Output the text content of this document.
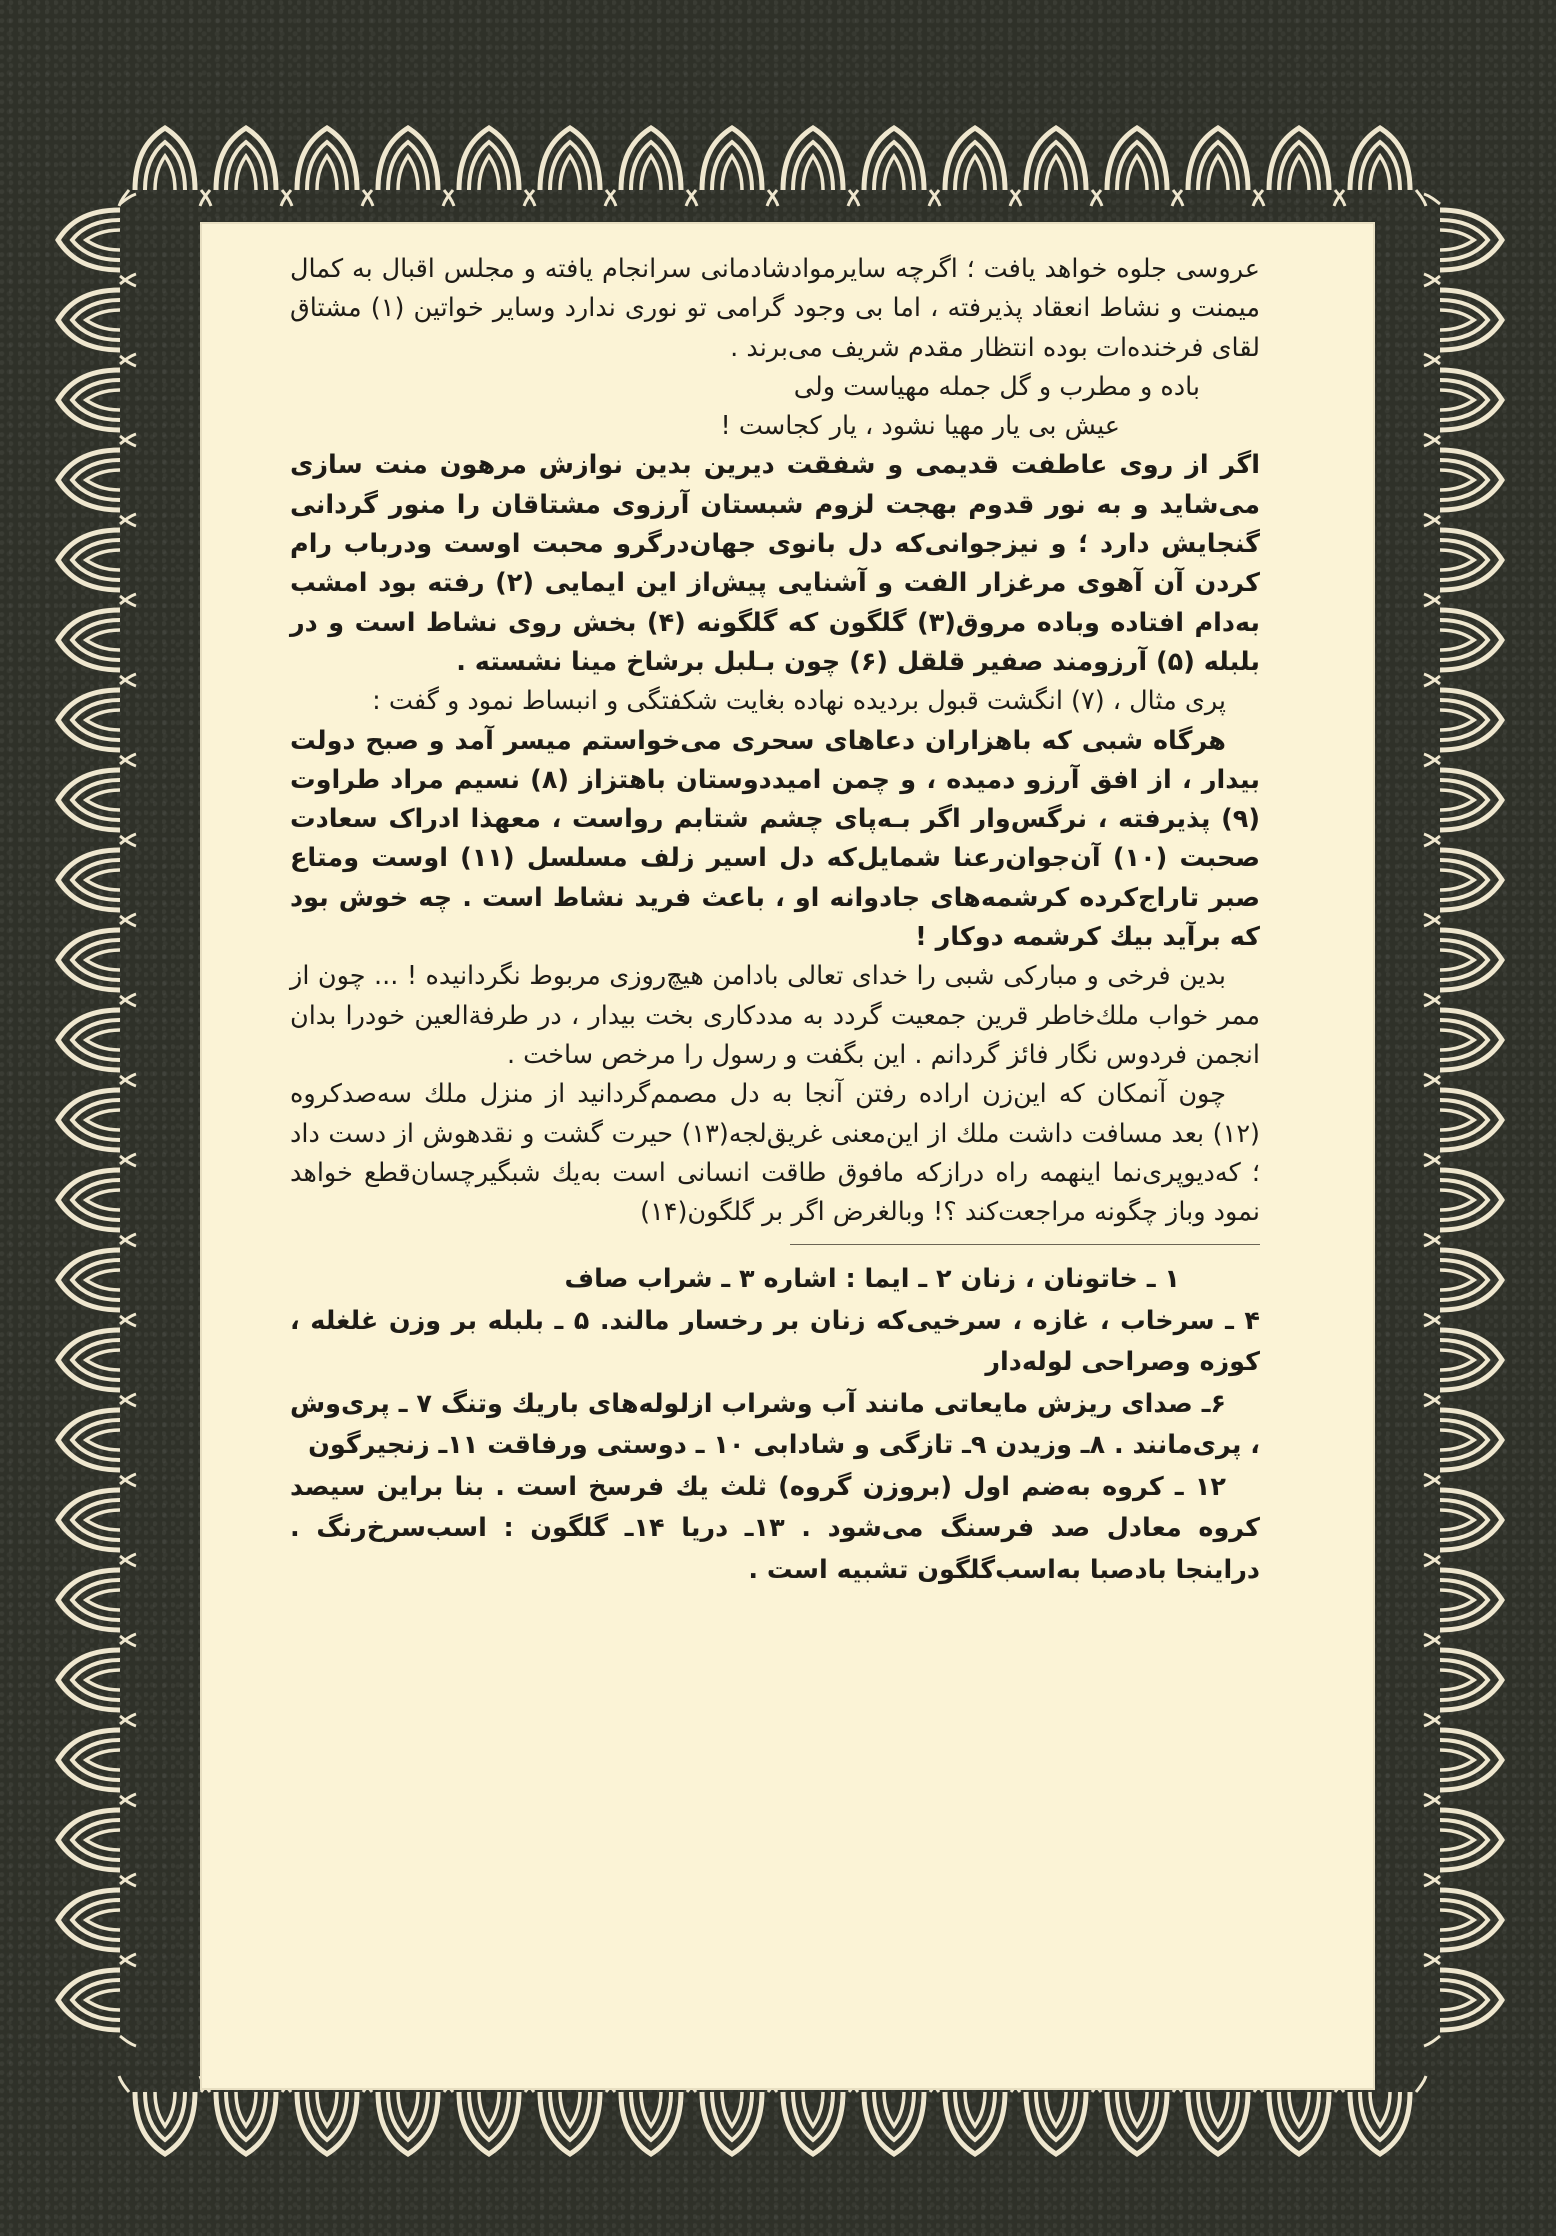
عروسی جلوه خواهد یافت ؛ اگرچه سایرموادشادمانی سرانجام یافته و مجلس اقبال به کمال میمنت و نشاط انعقاد پذیرفته ، اما بی وجود گرامی تو نوری ندارد وسایر خواتین (۱) مشتاق لقای فرخنده‌ات بوده انتظار مقدم شریف می‌برند .

باده و مطرب و گل جمله مهیاست ولی

عیش بی یار مهیا نشود ، یار کجاست !

اگر از روی عاطفت قدیمی و شفقت دیرین بدین نوازش مرهون منت سازی می‌شاید و به نور قدوم بهجت لزوم شبستان آرزوی مشتاقان را منور گردانی گنجایش دارد ؛ و نیزجوانی‌که دل بانوی جهان‌درگرو محبت اوست ودرباب رام کردن آن آهوی مرغزار الفت و آشنایی پیش‌از این ایمایی (۲) رفته بود امشب به‌دام افتاده وباده مروق(۳) گلگون که گلگونه (۴) بخش روی نشاط است و در بلبله (۵) آرزومند صفیر قلقل (۶) چون بـلبل برشاخ مینا نشسته .

پری مثال ، (۷) انگشت قبول بردیده نهاده بغایت شکفتگی و انبساط نمود و گفت :

هرگاه شبی که باهزاران دعاهای سحری می‌خواستم میسر آمد و صبح دولت بیدار ، از افق آرزو دمیده ، و چمن امیددوستان باهتزاز (۸) نسیم مراد طراوت (۹) پذیرفته ، نرگس‌وار اگر بـه‌پای چشم شتابم رواست ، معهذا ادراک سعادت صحبت (۱۰) آن‌جوان‌رعنا شمایل‌که دل اسیر زلف مسلسل (۱۱) اوست ومتاع صبر تاراج‌کرده کرشمه‌های جادوانه او ، باعث فرید نشاط است . چه خوش بود که برآید بیك کرشمه دوکار !

بدین فرخی و مبارکی شبی را خدای تعالی بادامن هیچ‌روزی مربوط نگردانیده ! ... چون از ممر خواب ملك‌خاطر قرین جمعیت گردد به مددکاری بخت بیدار ، در طرفةالعین خودرا بدان انجمن فردوس نگار فائز گردانم . این بگفت و رسول را مرخص ساخت .

چون آنمکان که این‌زن اراده رفتن آنجا به دل مصمم‌گردانید از منزل ملك سه‌صدکروه (۱۲) بعد مسافت داشت ملك از این‌معنی غریق‌لجه(۱۳) حیرت گشت و نقدهوش از دست داد ؛ که‌دیوپری‌نما اینهمه راه درازکه مافوق طاقت انسانی است به‌یك شبگیرچسان‌قطع خواهد نمود وباز چگونه مراجعت‌کند ؟! وبالغرض اگر بر گلگون(۱۴)

۱ ـ خاتونان ، زنان ۲ ـ ایما : اشاره ۳ ـ شراب صاف

۴ ـ سرخاب ، غازه ، سرخیی‌که زنان بر رخسار مالند. ۵ ـ بلبله بر وزن غلغله ، کوزه وصراحی لوله‌دار

۶ـ صدای ریزش مایعاتی مانند آب وشراب ازلوله‌های باریك وتنگ ۷ ـ پری‌وش ، پری‌مانند . ۸ـ وزیدن ۹ـ تازگی و شادابی ۱۰ ـ دوستی ورفاقت ۱۱ـ زنجیرگون

۱۲ ـ کروه به‌ضم اول (بروزن گروه) ثلث یك فرسخ است . بنا براین سیصد کروه معادل صد فرسنگ می‌شود . ۱۳ـ دریا ۱۴ـ گلگون : اسب‌سرخ‌رنگ . دراینجا بادصبا به‌اسب‌گلگون تشبیه است .
